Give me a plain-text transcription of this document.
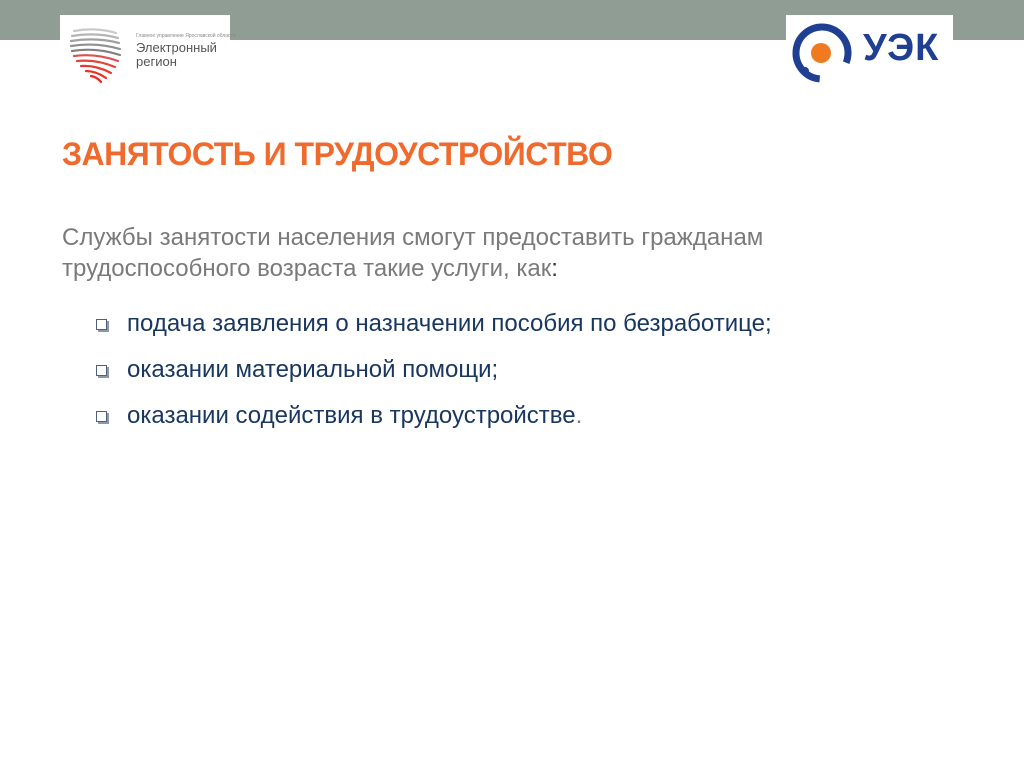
Главное управление Ярославской области
Электронный
регион	УЭК
ЗАНЯТОСТЬ И ТРУДОУСТРОЙСТВО

Службы занятости населения смогут предоставить гражданам трудоспособного возраста такие услуги, как:

подача заявления о назначении пособия по безработице;
оказании материальной помощи;
оказании содействия в трудоустройстве.
